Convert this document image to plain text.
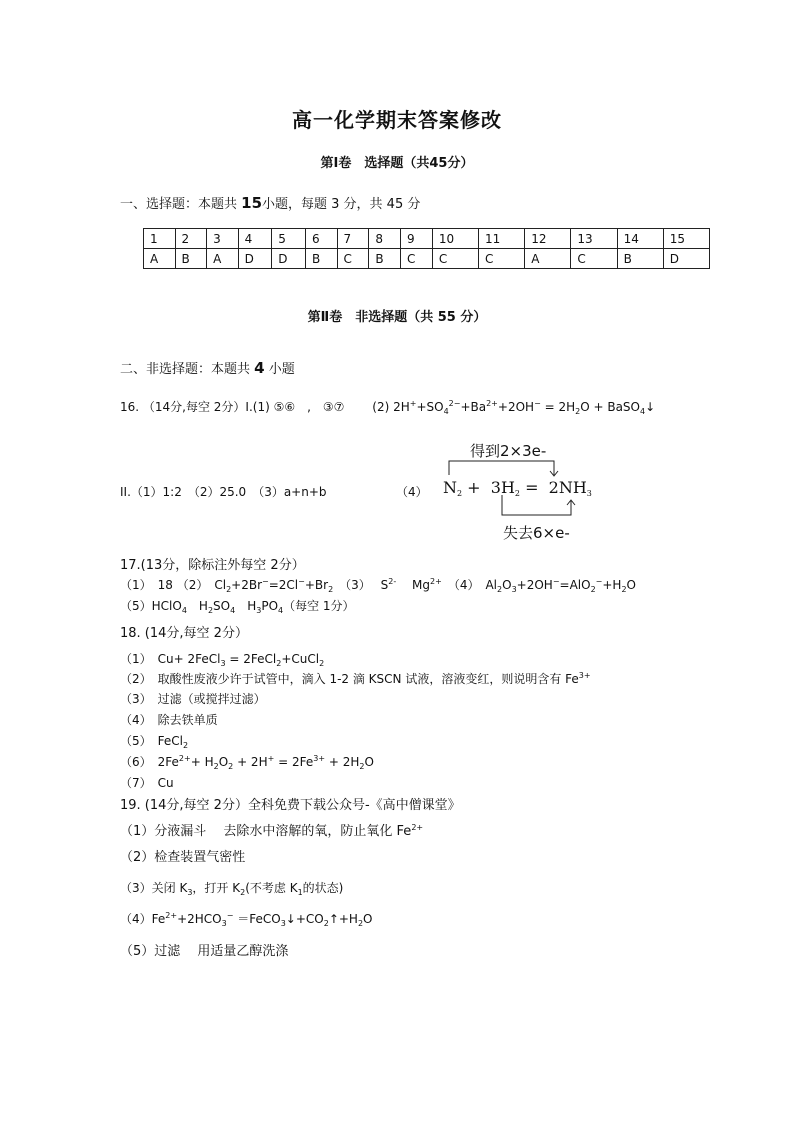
高一化学期末答案修改
第Ⅰ卷　选择题（共45分）
一、选择题：本题共 15小题，每题 3 分，共 45 分
1	2	3	4	5	6	7	8	9	10	11	12	13	14	15
A	B	A	D	D	B	C	B	C	C	C	A	C	B	D
第Ⅱ卷　非选择题（共 55 分）
二、非选择题：本题共 4 小题
16. （14分,每空 2分）I.(1) ⑤⑥　,　③⑦　　 (2) $2H^++SO_4^{2-}+Ba^{2+}+2OH^- = 2H_2O$ + BaSO$_4$↓
II.（1）1:2　（2）25.0　（3）a+n+b	（4）
得到2×3e-
$N_2 + 3H_2 = 2NH_3$
失去6×e-
17.(13分，除标注外每空 2分）
（1）　18 （2）　$Cl_2+2Br^-=2Cl^-+Br_2$　（3）　 $S^{2-}$　 $Mg^{2+}$　（4）　$Al_2O_3+2OH^-=AlO_2^-+H_2O$
（5）HClO$_4$　$H_2SO_4$　$H_3PO_4$（每空 1分）
18. (14分,每空 2分）
（1）　Cu+ 2FeCl$_3$ = 2FeCl$_2$+CuCl$_2$
（2）　取酸性废液少许于试管中，滴入 1-2 滴 KSCN 试液，溶液变红，则说明含有 $Fe^{3+}$
（3）　过滤（或搅拌过滤）
（4）　除去铁单质
（5）　FeCl$_2$
（6）　$2Fe^{2+}+ H_2O_2 + 2H^+ = 2Fe^{3+} + 2H_2O$
（7）　Cu
19. (14分,每空 2分）全科免费下载公众号-《高中僧课堂》
（1）分液漏斗　 去除水中溶解的氧，防止氧化 $Fe^{2+}$
（2）检查装置气密性
（3）关闭 $K_3$，打开 $K_2$(不考虑 $K_1$的状态)
$(4)Fe^{2+}+2HCO_3^-$ $=FeCO_3↓+CO_2↑+H_2O$
（5）过滤　 用适量乙醇洗涤
